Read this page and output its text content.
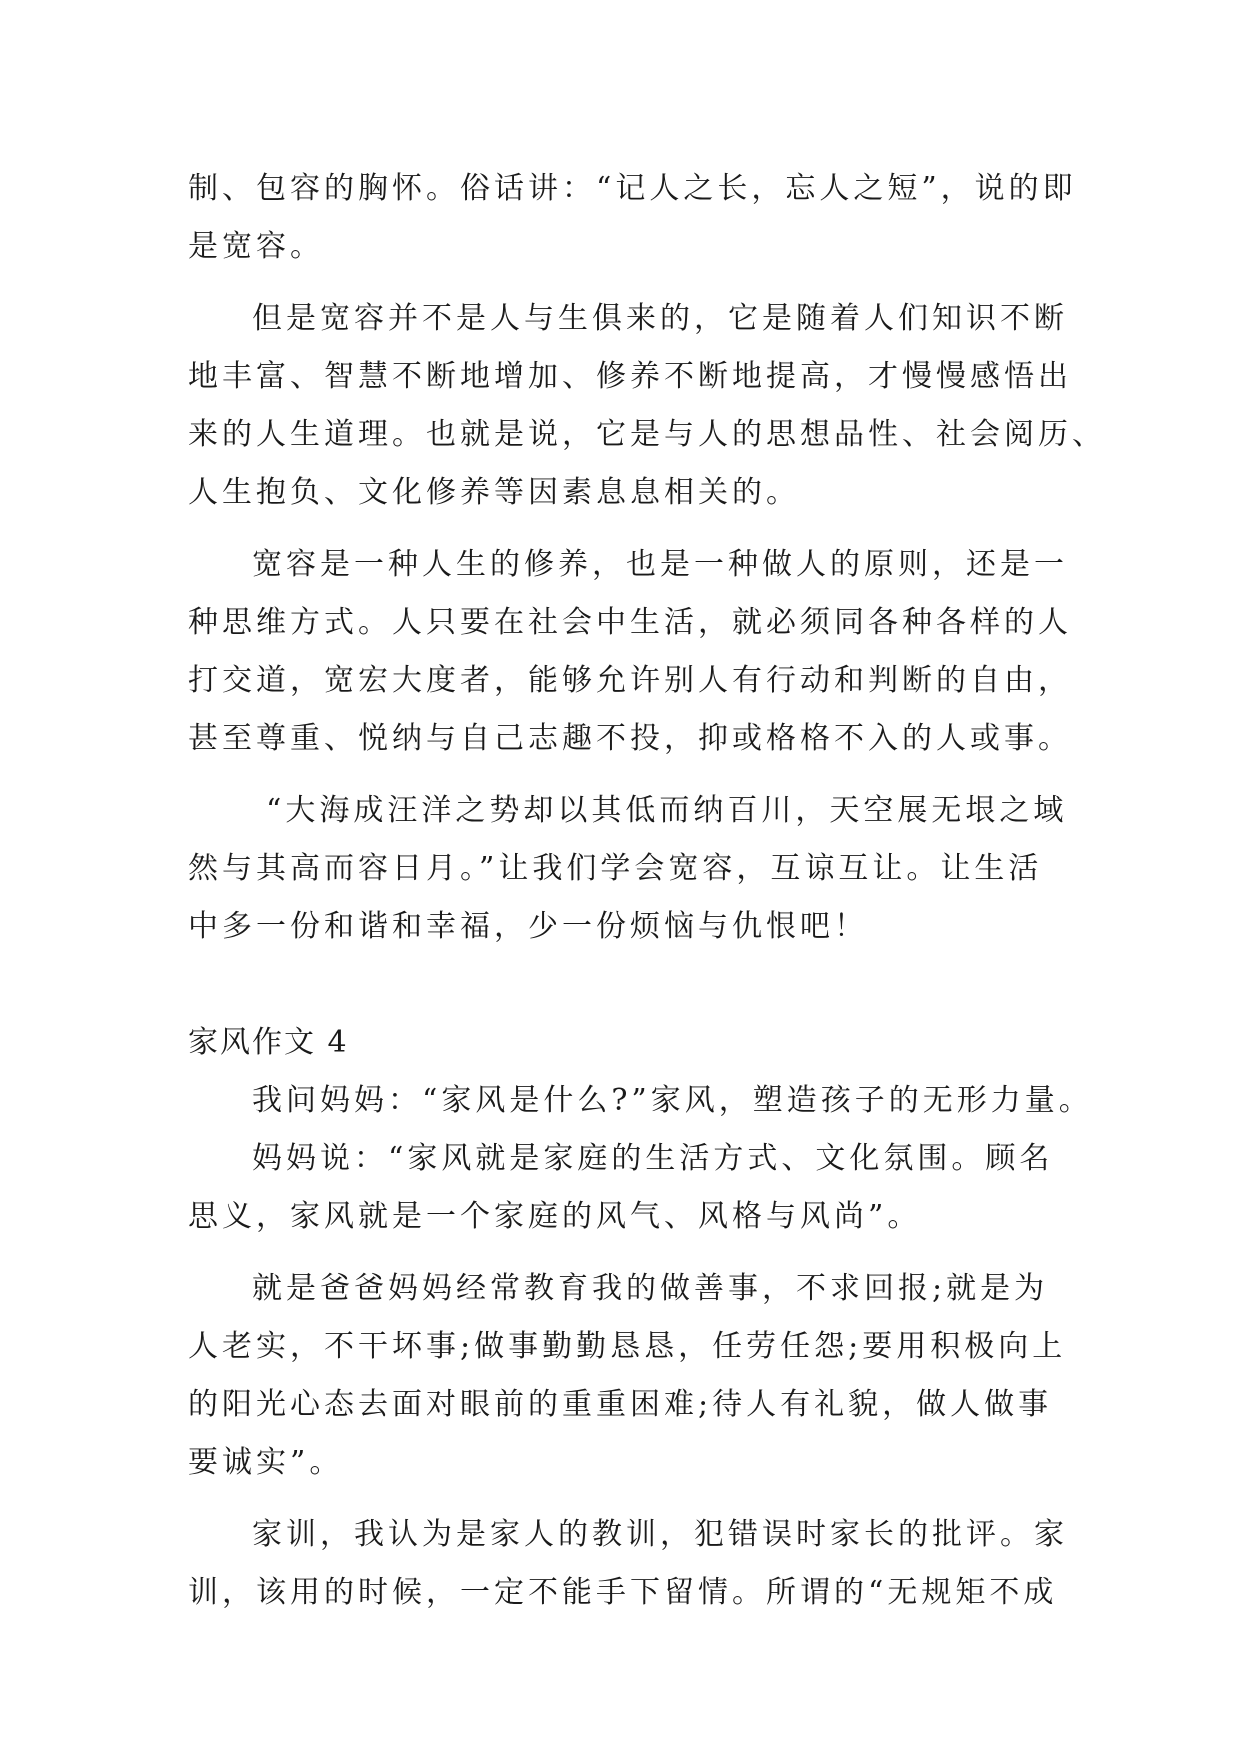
制、包容的胸怀。俗话讲：“记人之长，忘人之短”，说的即
是宽容。
但是宽容并不是人与生俱来的，它是随着人们知识不断
地丰富、智慧不断地增加、修养不断地提高，才慢慢感悟出
来的人生道理。也就是说，它是与人的思想品性、社会阅历、
人生抱负、文化修养等因素息息相关的。
宽容是一种人生的修养，也是一种做人的原则，还是一
种思维方式。人只要在社会中生活，就必须同各种各样的人
打交道，宽宏大度者，能够允许别人有行动和判断的自由，
甚至尊重、悦纳与自己志趣不投，抑或格格不入的人或事。
“大海成汪洋之势却以其低而纳百川，天空展无垠之域
然与其高而容日月。”让我们学会宽容，互谅互让。让生活
中多一份和谐和幸福，少一份烦恼与仇恨吧！
家风作文 4
我问妈妈：“家风是什么?”家风，塑造孩子的无形力量。
妈妈说：“家风就是家庭的生活方式、文化氛围。顾名
思义，家风就是一个家庭的风气、风格与风尚”。
就是爸爸妈妈经常教育我的做善事，不求回报;就是为
人老实，不干坏事;做事勤勤恳恳，任劳任怨;要用积极向上
的阳光心态去面对眼前的重重困难;待人有礼貌，做人做事
要诚实”。
家训，我认为是家人的教训，犯错误时家长的批评。家
训，该用的时候，一定不能手下留情。所谓的“无规矩不成
